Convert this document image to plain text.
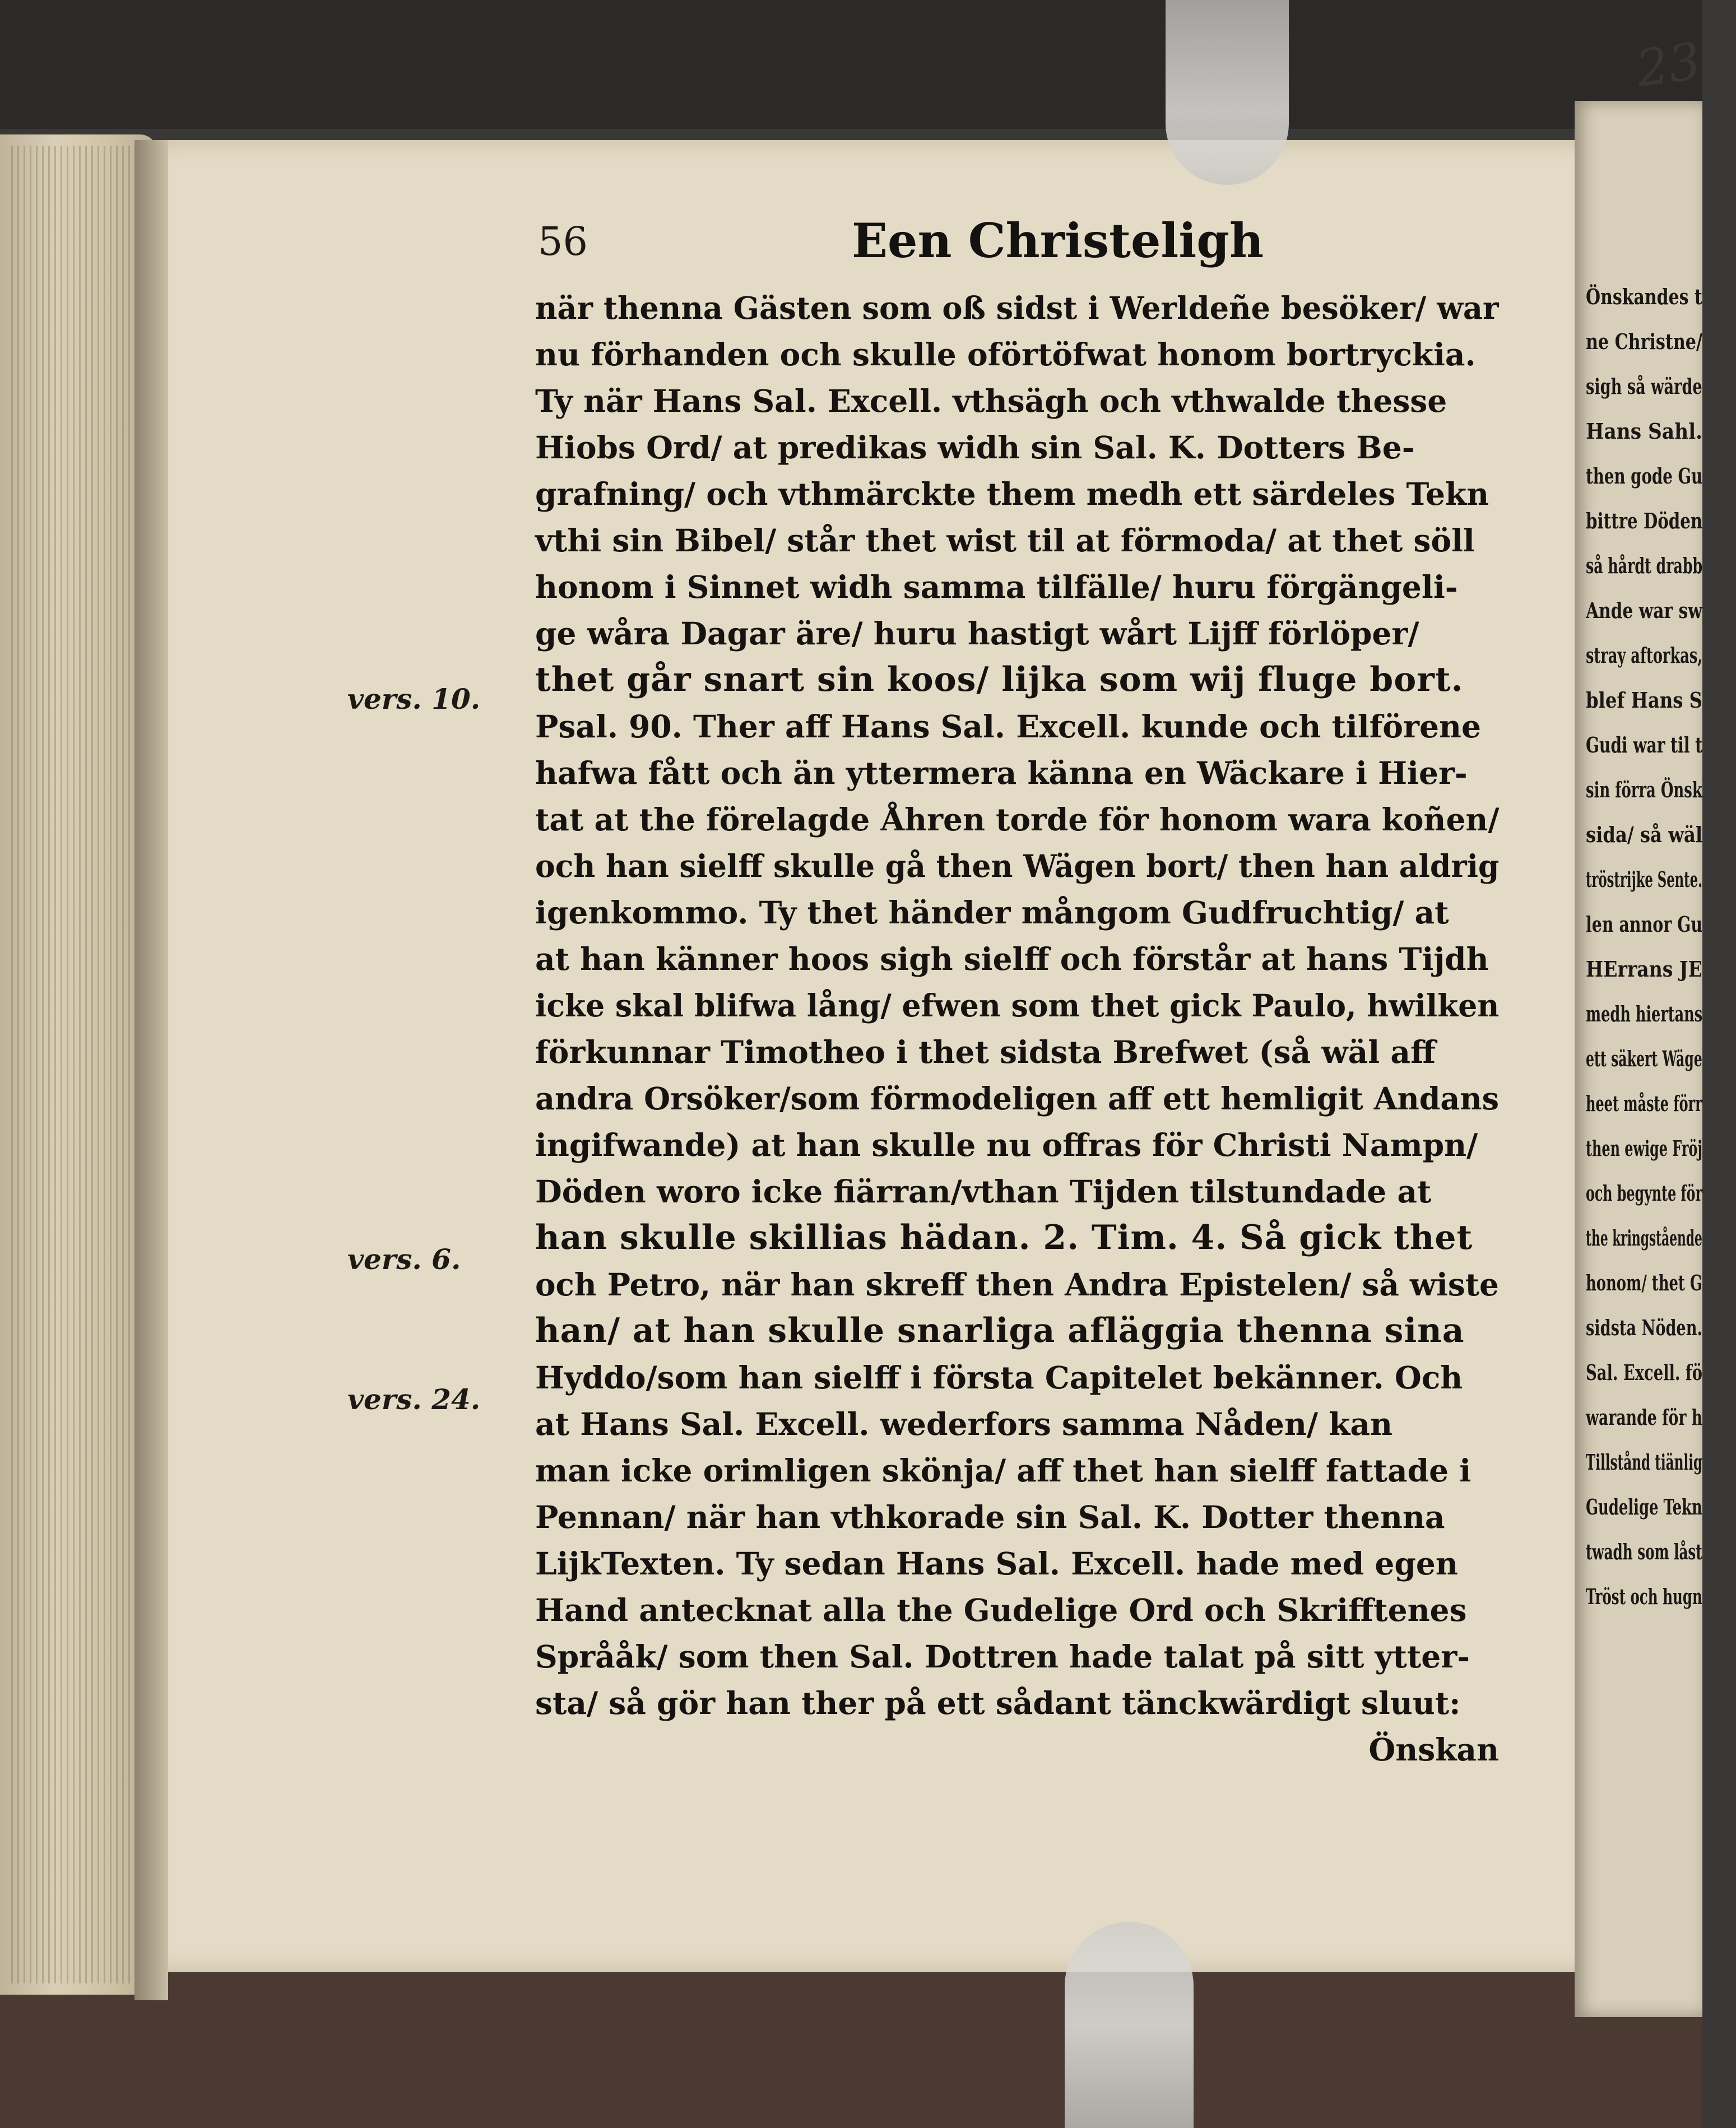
238
56	Een Christeligh
vers. 10.
vers. 6.
vers. 24.
när thenna Gästen som oß sidst i Werldeñe besöker/ war
nu förhanden och skulle oförtöfwat honom bortryckia.
Ty när Hans Sal. Excell. vthsägh och vthwalde thesse
Hiobs Ord/ at predikas widh sin Sal. K. Dotters Be-
grafning/ och vthmärckte them medh ett särdeles Tekn
vthi sin Bibel/ står thet wist til at förmoda/ at thet söll
honom i Sinnet widh samma tilfälle/ huru förgängeli-
ge wåra Dagar äre/ huru hastigt wårt Lijff förlöper/
thet går snart sin koos/ lijka som wij fluge bort.
Psal. 90. Ther aff Hans Sal. Excell. kunde och tilförene
hafwa fått och än yttermera känna en Wäckare i Hier-
tat at the förelagde Åhren torde för honom wara koñen/
och han sielff skulle gå then Wägen bort/ then han aldrig
igenkommo. Ty thet händer mångom Gudfruchtig/ at
at han känner hoos sigh sielff och förstår at hans Tijdh
icke skal blifwa lång/ efwen som thet gick Paulo, hwilken
förkunnar Timotheo i thet sidsta Brefwet (så wäl aff
andra Orsöker/som förmodeligen aff ett hemligit Andans
ingifwande) at han skulle nu offras för Christi Nampn/
Döden woro icke fiärran/vthan Tijden tilstundade at
han skulle skillias hädan. 2. Tim. 4. Så gick thet
och Petro, när han skreff then Andra Epistelen/ så wiste
han/ at han skulle snarliga afläggia thenna sina
Hyddo/som han sielff i första Capitelet bekänner. Och
at Hans Sal. Excell. wederfors samma Nåden/ kan
man icke orimligen skönja/ aff thet han sielff fattade i
Pennan/ när han vthkorade sin Sal. K. Dotter thenna
LijkTexten. Ty sedan Hans Sal. Excell. hade med egen
Hand antecknat alla the Gudelige Ord och Skrifftenes
Språåk/ som then Sal. Dottren hade talat på sitt ytter-
sta/ så gör han ther på ett sådant tänckwärdigt sluut:
Önskan
Önskandes t
ne Christne/
sigh så wärde
Hans Sahl.
then gode Gu
bittre Döden
så hårdt drabb
Ande war sw
stray aftorkas,
blef Hans S
Gudi war til t
sin förra Önsk
sida/ så wäl
tröstrijke Sente.
len annor Gu
HErrans JE
medh hiertans
ett säkert Wäge
heet måste förr
then ewige Fröj
och begynte för
the kringstående
honom/ thet G
sidsta Nöden.
Sal. Excell. fö
warande för h
Tillstånd tiänlig
Gudelige Tekn
twadh som låst
Tröst och hugn
